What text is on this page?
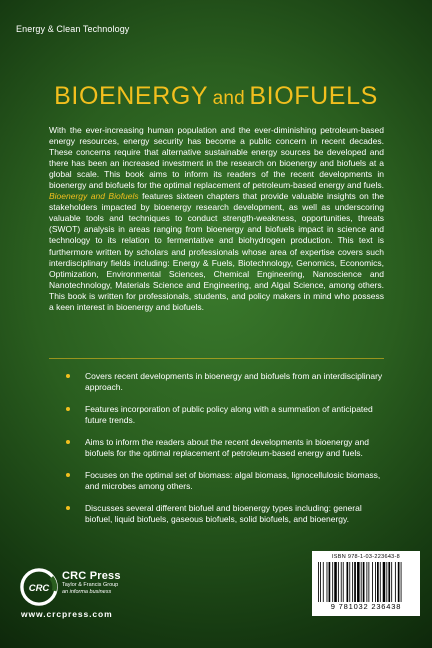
Energy & Clean Technology
BIOENERGY and BIOFUELS
With the ever-increasing human population and the ever-diminishing petroleum-based energy resources, energy security has become a public concern in recent decades. These concerns require that alternative sustainable energy sources be developed and there has been an increased investment in the research on bioenergy and biofuels at a global scale. This book aims to inform its readers of the recent developments in bioenergy and biofuels for the optimal replacement of petroleum-based energy and fuels. Bioenergy and Biofuels features sixteen chapters that provide valuable insights on the stakeholders impacted by bioenergy research development, as well as underscoring valuable tools and techniques to conduct strength-weakness, opportunities, threats (SWOT) analysis in areas ranging from bioenergy and biofuels impact in science and technology to its relation to fermentative and biohydrogen production. This text is furthermore written by scholars and professionals whose area of expertise covers such interdisciplinary fields including: Energy & Fuels, Biotechnology, Genomics, Economics, Optimization, Environmental Sciences, Chemical Engineering, Nanoscience and Nanotechnology, Materials Science and Engineering, and Algal Science, among others. This book is written for professionals, students, and policy makers in mind who possess a keen interest in bioenergy and biofuels.
Covers recent developments in bioenergy and biofuels from an interdisciplinary approach.
Features incorporation of public policy along with a summation of anticipated future trends.
Aims to inform the readers about the recent developments in bioenergy and biofuels for the optimal replacement of petroleum-based energy and fuels.
Focuses on the optimal set of biomass: algal biomass, lignocellulosic biomass, and microbes among others.
Discusses several different biofuel and bioenergy types including: general biofuel, liquid biofuels, gaseous biofuels, solid biofuels, and bioenergy.
CRC
CRC Press
Taylor & Francis Group
an informa business
www.crcpress.com
ISBN 978-1-03-223643-8
9 781032 236438
